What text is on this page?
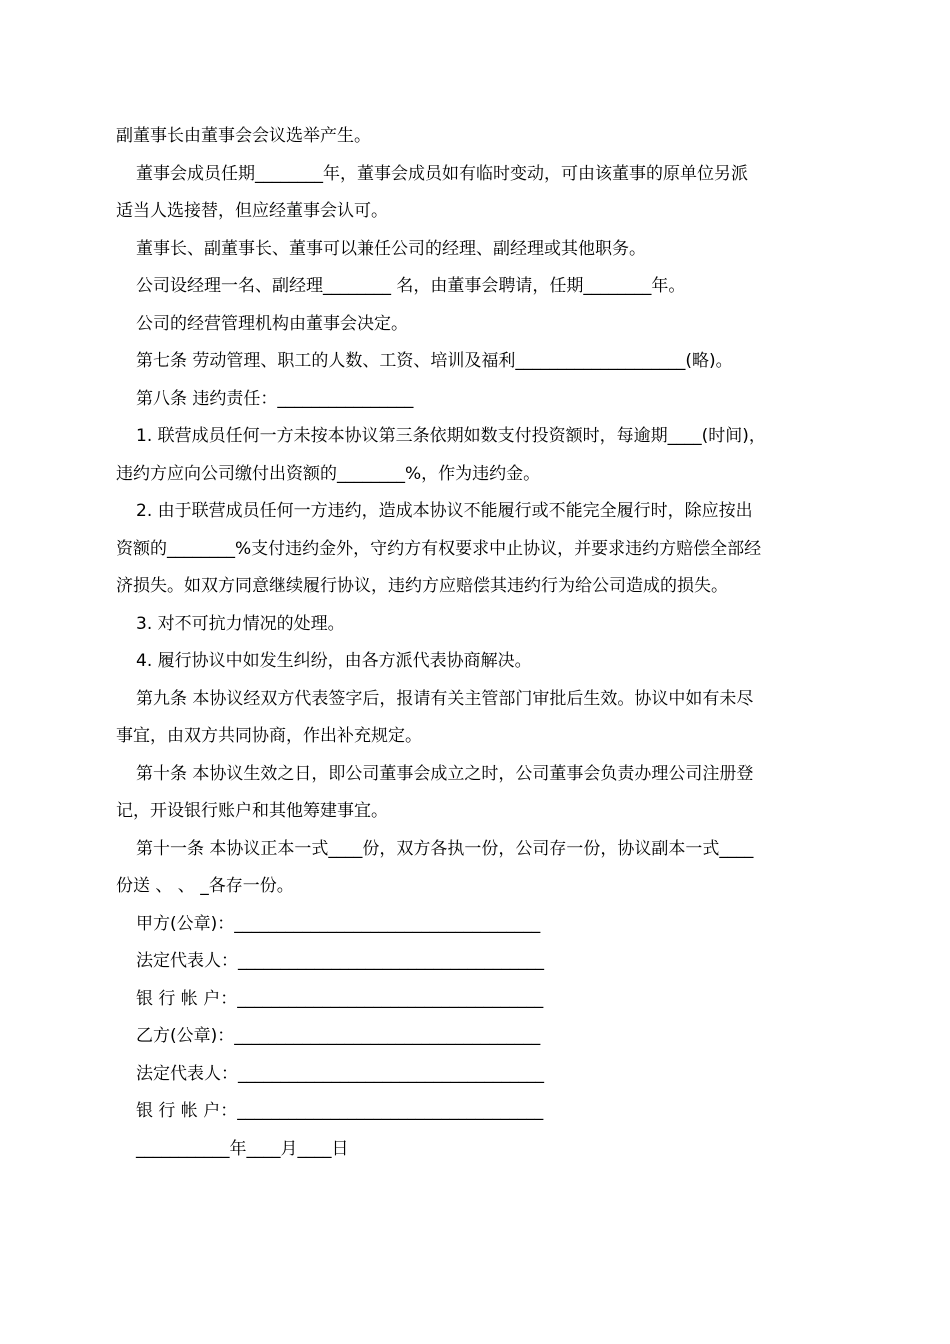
副董事长由董事会会议选举产生。

董事会成员任期________年，董事会成员如有临时变动，可由该董事的原单位另派

适当人选接替，但应经董事会认可。

董事长、副董事长、董事可以兼任公司的经理、副经理或其他职务。

公司设经理一名、副经理________ 名，由董事会聘请，任期________年。

公司的经营管理机构由董事会决定。

第七条 劳动管理、职工的人数、工资、培训及福利____________________(略)。

第八条 违约责任：________________

1. 联营成员任何一方未按本协议第三条依期如数支付投资额时，每逾期____(时间)，

违约方应向公司缴付出资额的________%，作为违约金。

2. 由于联营成员任何一方违约，造成本协议不能履行或不能完全履行时，除应按出

资额的________%支付违约金外，守约方有权要求中止协议，并要求违约方赔偿全部经

济损失。如双方同意继续履行协议，违约方应赔偿其违约行为给公司造成的损失。

3. 对不可抗力情况的处理。

4. 履行协议中如发生纠纷，由各方派代表协商解决。

第九条 本协议经双方代表签字后，报请有关主管部门审批后生效。协议中如有未尽

事宜，由双方共同协商，作出补充规定。

第十条 本协议生效之日，即公司董事会成立之时，公司董事会负责办理公司注册登

记，开设银行账户和其他筹建事宜。

第十一条 本协议正本一式____份，双方各执一份，公司存一份，协议副本一式____

份送 、 、 _各存一份。

甲方(公章)：____________________________________

法定代表人：____________________________________

银 行 帐 户：____________________________________

乙方(公章)：____________________________________

法定代表人：____________________________________

银 行 帐 户：____________________________________

___________年____月____日
